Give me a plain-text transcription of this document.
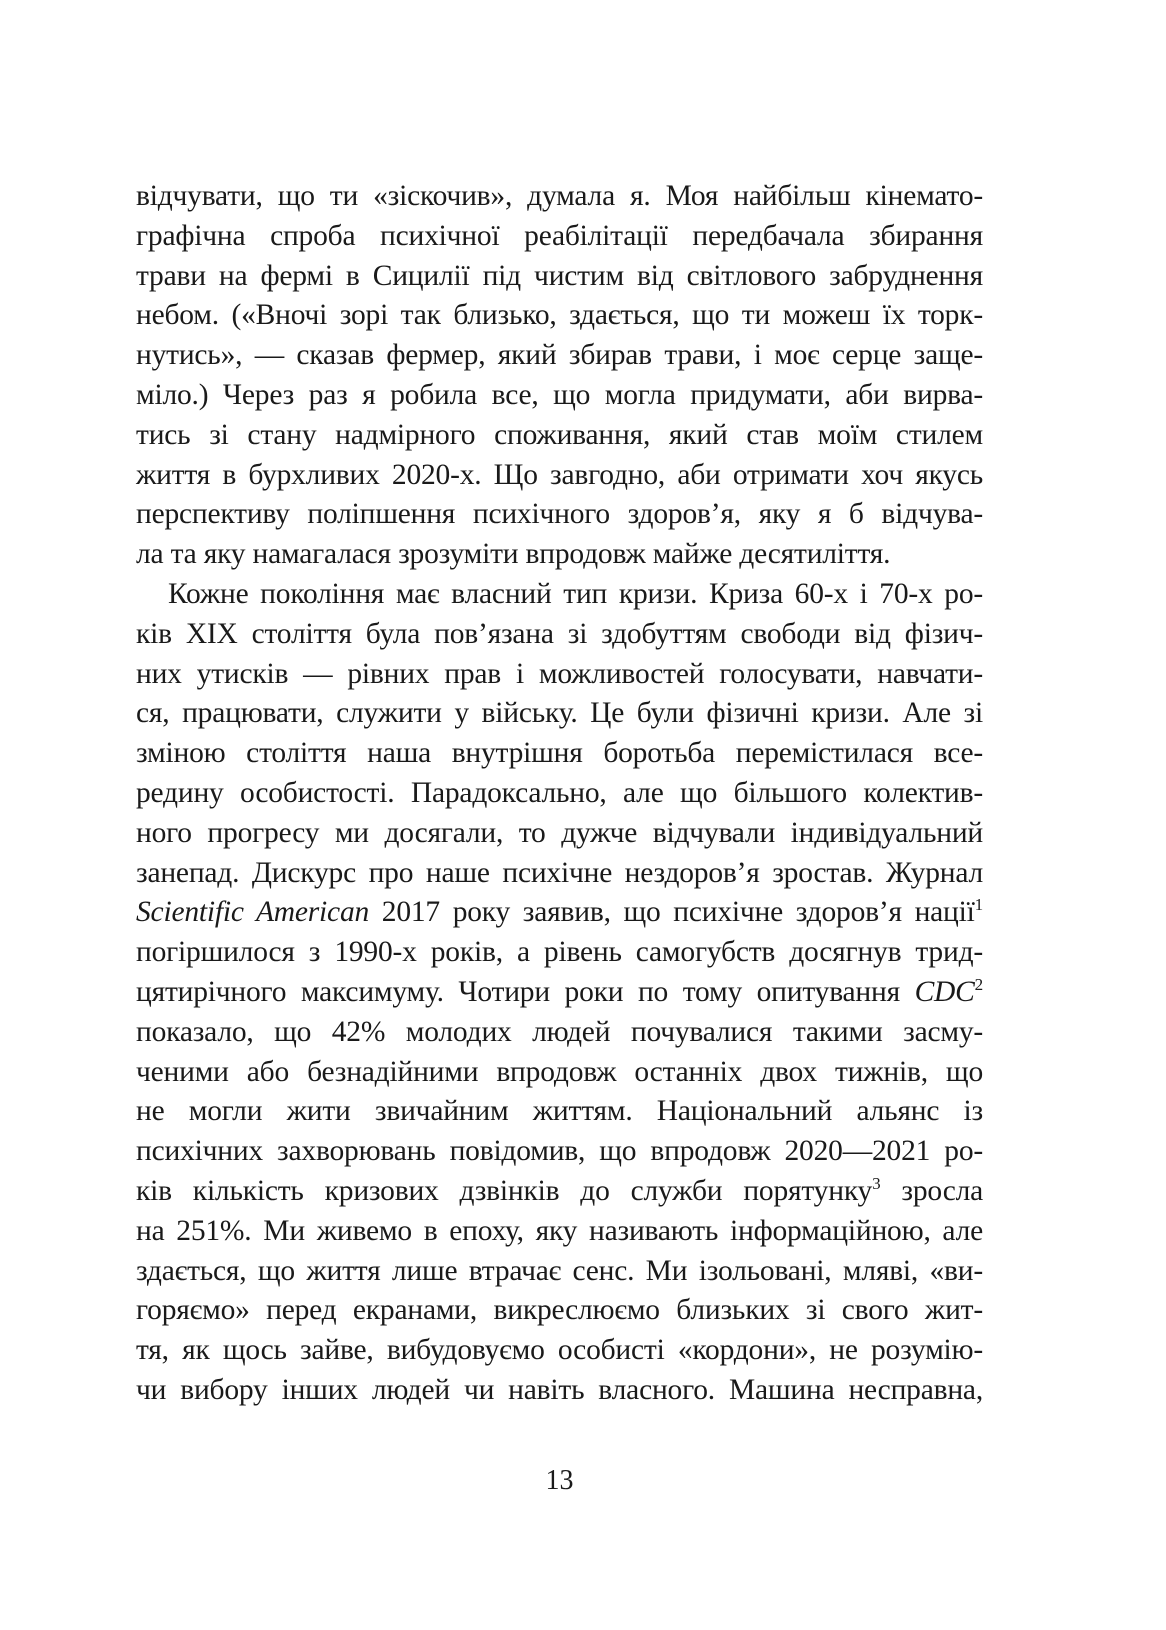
відчувати, що ти «зіскочив», думала я. Моя найбільш кінемато-
графічна спроба психічної реабілітації передбачала збирання
трави на фермі в Сицилії під чистим від світлового забруднення
небом. («Вночі зорі так близько, здається, що ти можеш їх торк-
нутись», — сказав фермер, який збирав трави, і моє серце заще-
міло.) Через раз я робила все, що могла придумати, аби вирва-
тись зі стану надмірного споживання, який став моїм стилем
життя в бурхливих 2020-х. Що завгодно, аби отримати хоч якусь
перспективу поліпшення психічного здоров’я, яку я б відчува-
ла та яку намагалася зрозуміти впродовж майже десятиліття.
Кожне покоління має власний тип кризи. Криза 60-х і 70-х ро-
ків XIX століття була пов’язана зі здобуттям свободи від фізич-
них утисків — рівних прав і можливостей голосувати, навчати-
ся, працювати, служити у війську. Це були фізичні кризи. Але зі
зміною століття наша внутрішня боротьба перемістилася все-
редину особистості. Парадоксально, але що більшого колектив-
ного прогресу ми досягали, то дужче відчували індивідуальний
занепад. Дискурс про наше психічне нездоров’я зростав. Журнал
Scientific American 2017 року заявив, що психічне здоров’я нації$^1$
погіршилося з 1990-х років, а рівень самогубств досягнув трид-
цятирічного максимуму. Чотири роки по тому опитування CDC$^2$
показало, що 42% молодих людей почувалися такими засму-
ченими або безнадійними впродовж останніх двох тижнів, що
не могли жити звичайним життям. Національний альянс із
психічних захворювань повідомив, що впродовж 2020—2021 ро-
ків кількість кризових дзвінків до служби порятунку$^3$ зросла
на 251%. Ми живемо в епоху, яку називають інформаційною, але
здається, що життя лише втрачає сенс. Ми ізольовані, мляві, «ви-
горяємо» перед екранами, викреслюємо близьких зі свого жит-
тя, як щось зайве, вибудовуємо особисті «кордони», не розумію-
чи вибору інших людей чи навіть власного. Машина несправна,
13
